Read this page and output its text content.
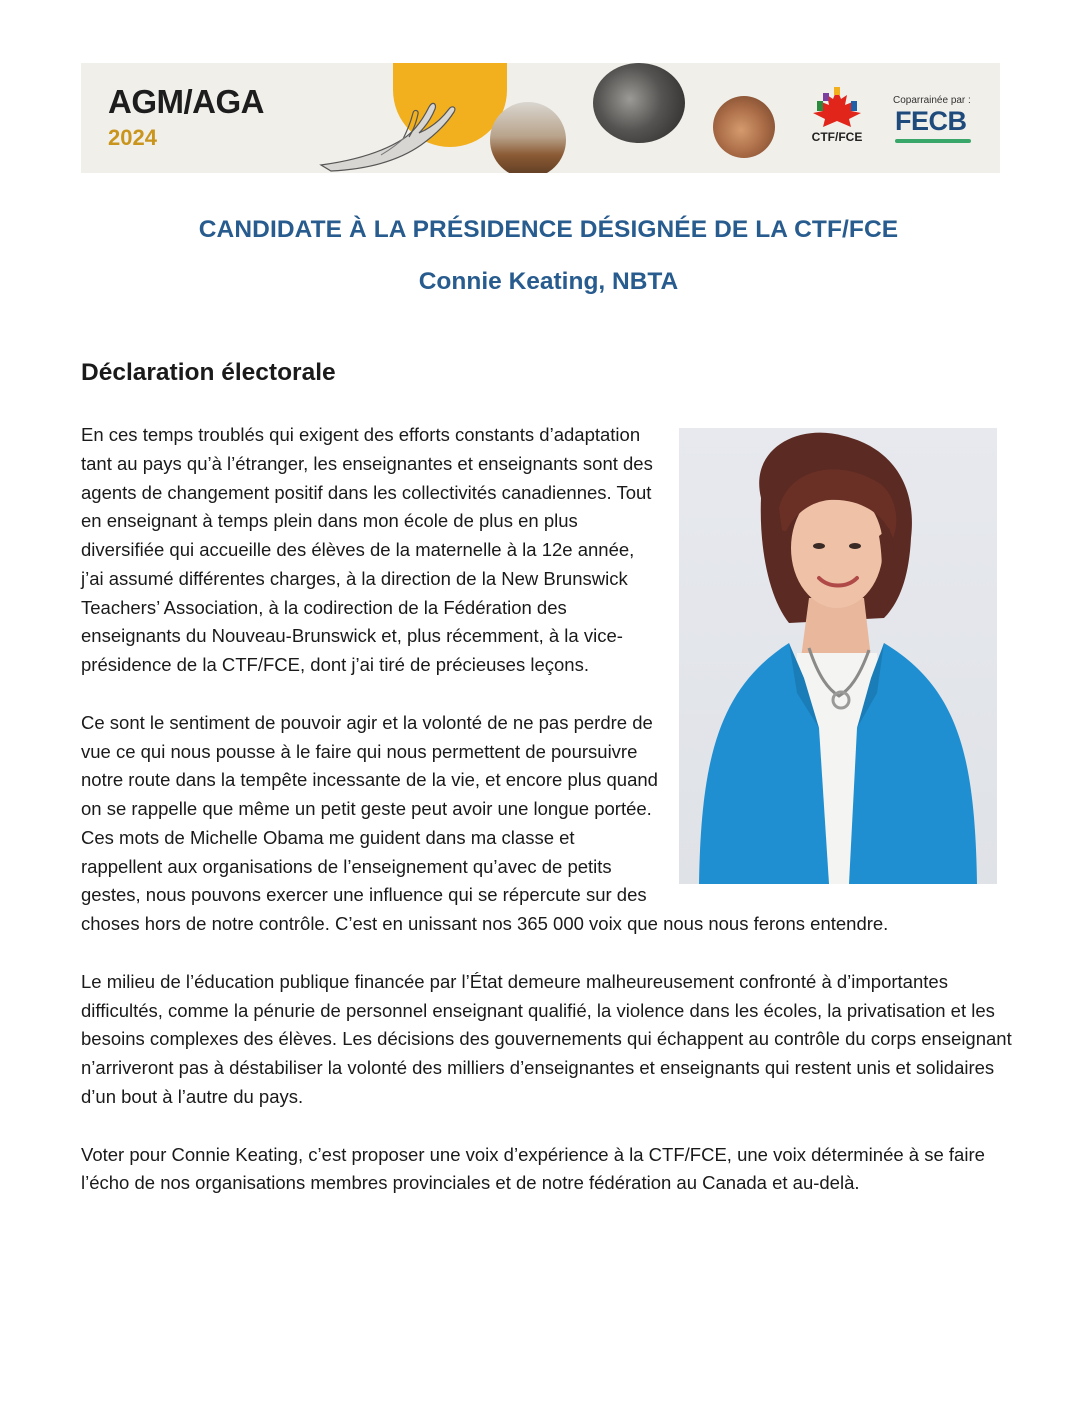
AGM/AGA
2024	CTF/FCE
Coparrainée par :
FECB
CANDIDATE À LA PRÉSIDENCE DÉSIGNÉE DE LA CTF/FCE
Connie Keating, NBTA
Déclaration électorale

En ces temps troublés qui exigent des efforts constants d’adaptation tant au pays qu’à l’étranger, les enseignantes et enseignants sont des agents de changement positif dans les collectivités canadiennes. Tout en enseignant à temps plein dans mon école de plus en plus diversifiée qui accueille des élèves de la maternelle à la 12e année, j’ai assumé différentes charges, à la direction de la New Brunswick Teachers’ Association, à la codirection de la Fédération des enseignants du Nouveau-Brunswick et, plus récemment, à la vice-présidence de la CTF/FCE, dont j’ai tiré de précieuses leçons.

Ce sont le sentiment de pouvoir agir et la volonté de ne pas perdre de vue ce qui nous pousse à le faire qui nous permettent de poursuivre notre route dans la tempête incessante de la vie, et encore plus quand on se rappelle que même un petit geste peut avoir une longue portée. Ces mots de Michelle Obama me guident dans ma classe et rappellent aux organisations de l’enseignement qu’avec de petits gestes, nous pouvons exercer une influence qui se répercute sur des choses hors de notre contrôle. C’est en unissant nos 365 000 voix que nous nous ferons entendre.

Le milieu de l’éducation publique financée par l’État demeure malheureusement confronté à d’importantes difficultés, comme la pénurie de personnel enseignant qualifié, la violence dans les écoles, la privatisation et les besoins complexes des élèves. Les décisions des gouvernements qui échappent au contrôle du corps enseignant n’arriveront pas à déstabiliser la volonté des milliers d’enseignantes et enseignants qui restent unis et solidaires d’un bout à l’autre du pays.

Voter pour Connie Keating, c’est proposer une voix d’expérience à la CTF/FCE, une voix déterminée à se faire l’écho de nos organisations membres provinciales et de notre fédération au Canada et au-delà.
